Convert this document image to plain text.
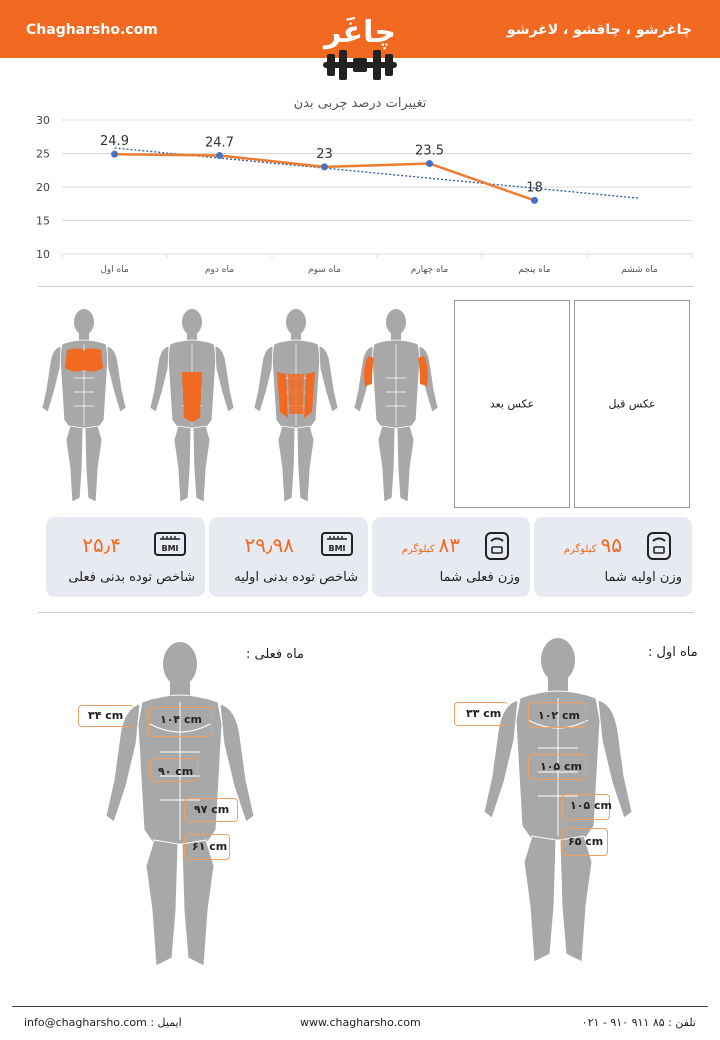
Chagharsho.com	چاغرشو ، چاقشو ، لاغرشو
چاغَر
تغییرات درصد چربی بدن
10
15
20
25
30
ماه اول	ماه دوم	ماه سوم	ماه چهارم	ماه پنجم	ماه ششم
24.9	24.7
23	23.5
18
عکس بعد	عکس قبل
۹۵کیلوگرم
وزن اولیه شما
۸۳کیلوگرم
وزن فعلی شما
BMI
۲۹٫۹۸
شاخص توده بدنی اولیه
BMI
۲۵٫۴
شاخص توده بدنی فعلی
ماه اول :
ماه فعلی :
۳۴ cm	۱۰۴ cm
۹۰ cm
۹۷ cm
۶۱ cm
۳۳ cm	۱۰۲ cm
۱۰۵ cm
۱۰۵ cm
۶۵ cm
تلفن : ۸۵ ۹۱۱ ۹۱۰ - ۰۲۱
www.chagharsho.com
info@chagharsho.com : ایمیل
